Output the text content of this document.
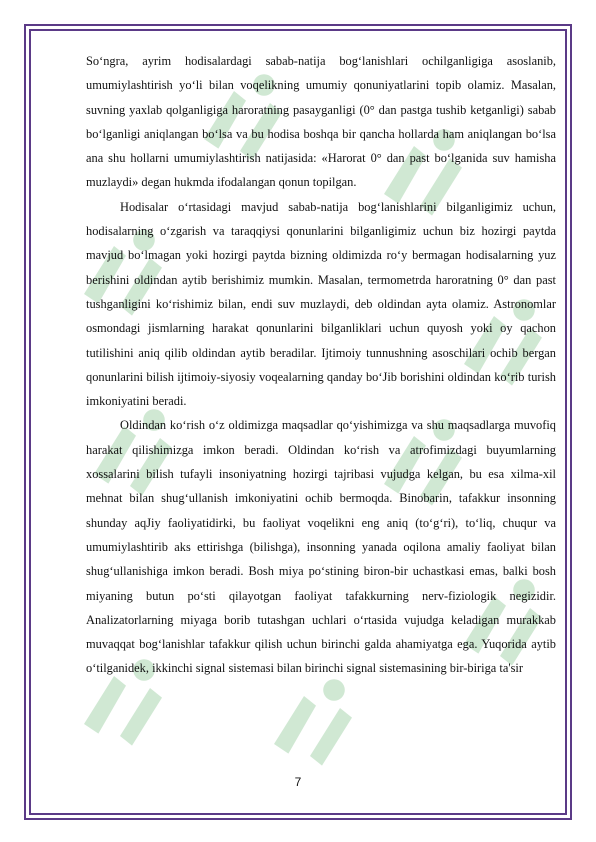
So‘ngra, ayrim hodisalardagi sabab-natija bog‘lanishlari ochilganligiga asoslanib, umumiylashtirish yo‘li bilan voqelikning umumiy qonuniyatlarini topib olamiz. Masalan, suvning yaxlab qolganligiga haroratning pasayganligi (0° dan pastga tushib ketganligi) sabab bo‘lganligi aniqlangan bo‘lsa va bu hodisa boshqa bir qancha hollarda ham aniqlangan bo‘lsa ana shu hollarni umumiylashtirish natijasida: «Harorat 0° dan past bo‘lganida suv hamisha muzlaydi» degan hukmda ifodalangan qonun topilgan.

Hodisalar o‘rtasidagi mavjud sabab-natija bog‘lanishlarini bilganligimiz uchun, hodisalarning o‘zgarish va taraqqiysi qonunlarini bilganligimiz uchun biz hozirgi paytda mavjud bo‘lmagan yoki hozirgi paytda bizning oldimizda ro‘y bermagan hodisalarning yuz berishini oldindan aytib berishimiz mumkin. Masalan, termometrda haroratning 0° dan past tushganligini ko‘rishimiz bilan, endi suv muzlaydi, deb oldindan ayta olamiz. Astronomlar osmondagi jismlarning harakat qonunlarini bilganliklari uchun quyosh yoki oy qachon tutilishini aniq qilib oldindan aytib beradilar. Ijtimoiy tunnushning asoschilari ochib bergan qonunlarini bilish ijtimoiy-siyosiy voqealarning qanday bo‘Jib borishini oldindan ko‘rib turish imkoniyatini beradi.

Oldindan ko‘rish o‘z oldimizga maqsadlar qo‘yishimizga va shu maqsadlarga muvofiq harakat qilishimizga imkon beradi. Oldindan ko‘rish va atrofimizdagi buyumlarning xossalarini bilish tufayli insoniyatning hozirgi tajribasi vujudga kelgan, bu esa xilma-xil mehnat bilan shug‘ullanish imkoniyatini ochib bermoqda. Binobarin, tafakkur insonning shunday aqJiy faoliyatidirki, bu faoliyat voqelikni eng aniq (to‘g‘ri), to‘liq, chuqur va umumiylashtirib aks ettirishga (bilishga), insonning yanada oqilona amaliy faoliyat bilan shug‘ullanishiga imkon beradi. Bosh miya po‘stining biron-bir uchastkasi emas, balki bosh miyaning butun po‘sti qilayotgan faoliyat tafakkurning nerv-fiziologik negizidir. Analizatorlarning miyaga borib tutashgan uchlari o‘rtasida vujudga keladigan murakkab muvaqqat bog‘lanishlar tafakkur qilish uchun birinchi galda ahamiyatga ega. Yuqorida aytib o‘tilganidek, ikkinchi signal sistemasi bilan birinchi signal sistemasining bir-biriga ta'sir

7
